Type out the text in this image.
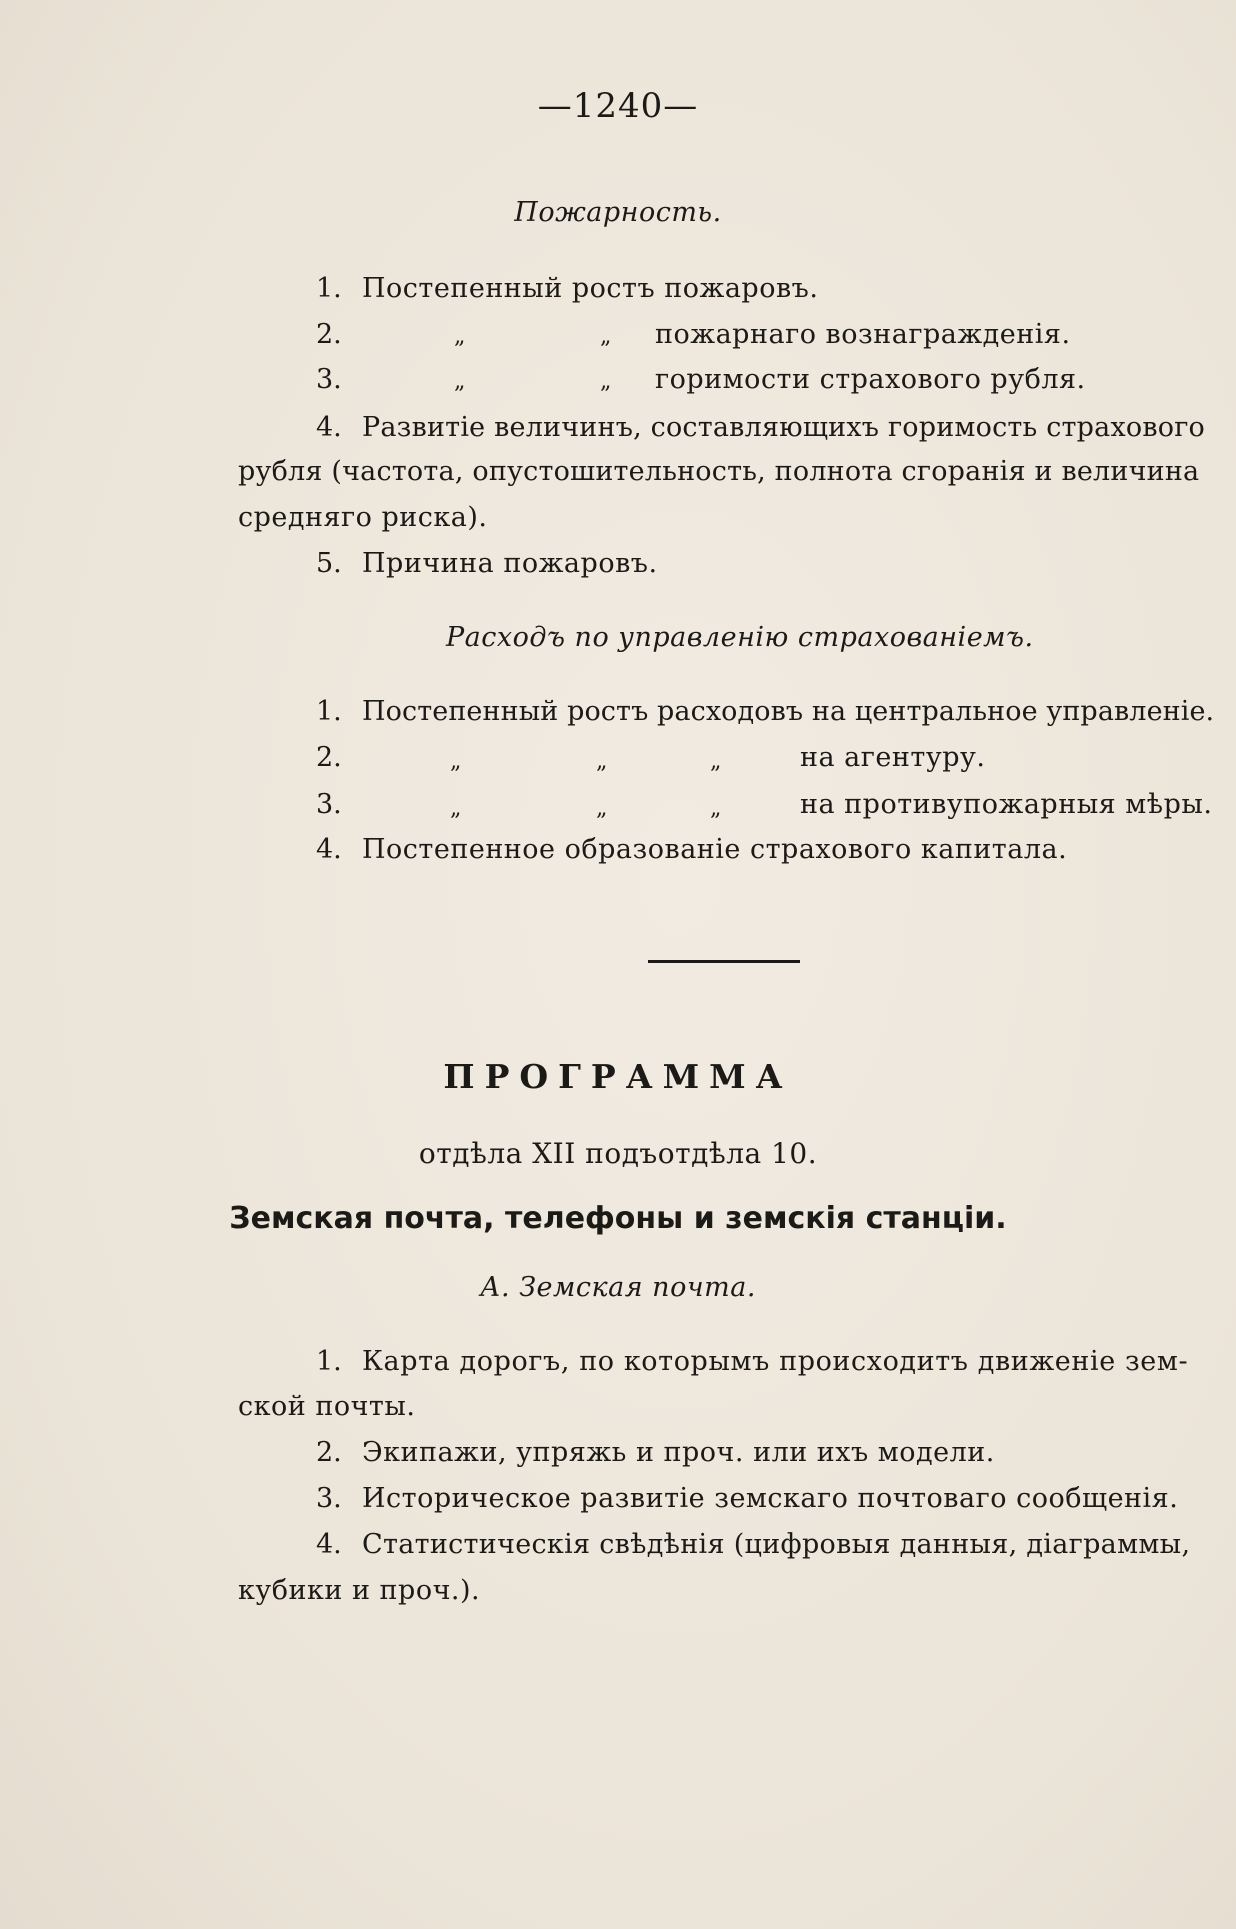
—1240—
Пожарность.
1. Постепенный ростъ пожаровъ.
2.	„	„ пожарнаго вознагражденія.
3.	„	„ горимости страхового рубля.
4. Развитіе величинъ, составляющихъ горимость страхового
рубля (частота, опустошительность, полнота сгоранія и величина
средняго риска).
5. Причина пожаровъ.
Расходъ по управленію страхованіемъ.
1. Постепенный ростъ расходовъ на центральное управленіе.
2.	„	„	„	на агентуру.
3.	„	„	„	на противупожарныя мѣры.
4. Постепенное образованіе страхового капитала.
ПРОГРАММА
отдѣла XII подъотдѣла 10.
Земская почта, телефоны и земскія станціи.
А. Земская почта.
1. Карта дорогъ, по которымъ происходитъ движеніе зем-
ской почты.
2. Экипажи, упряжь и проч. или ихъ модели.
3. Историческое развитіе земскаго почтоваго сообщенія.
4. Статистическія свѣдѣнія (цифровыя данныя, діаграммы,
кубики и проч.).
